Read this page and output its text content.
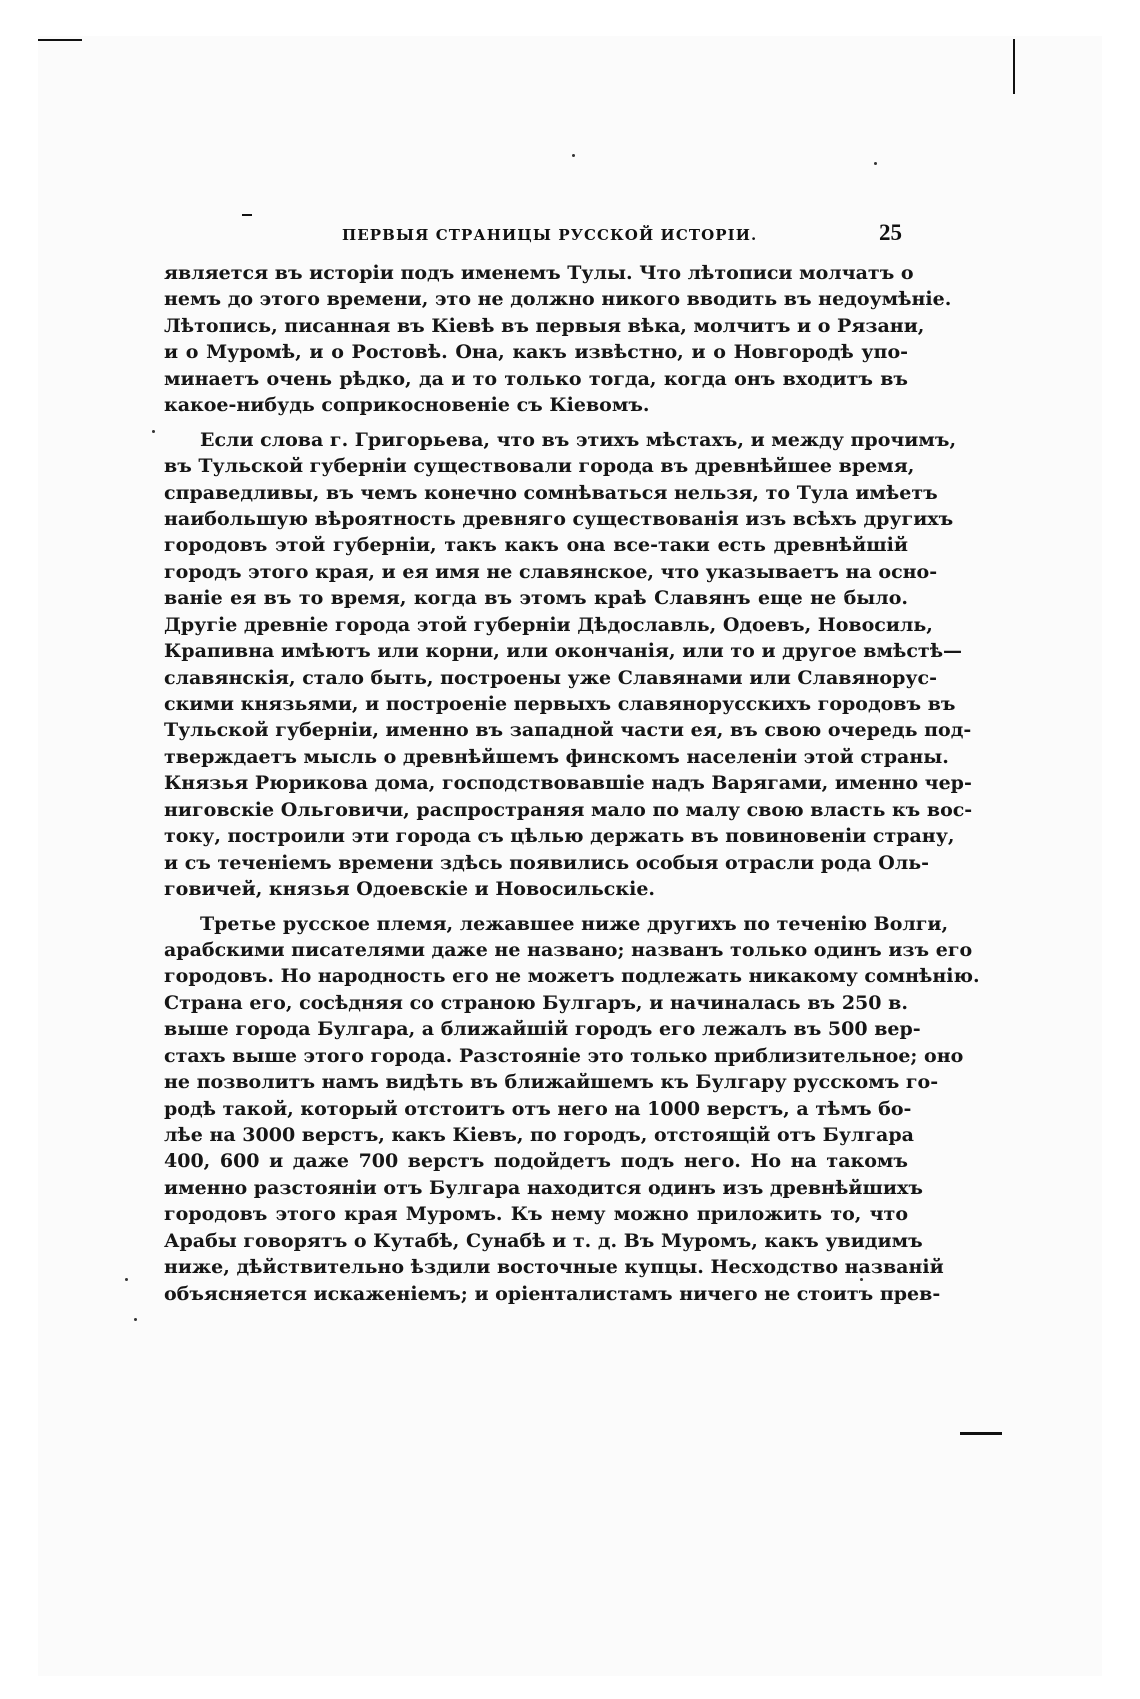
ПЕРВЫЯ СТРАНИЦЫ РУССКОЙ ИСТОРІИ.	25
является въ исторіи подъ именемъ Тулы. Что лѣтописи молчатъ о
немъ до этого времени, это не должно никого вводить въ недоумѣніе.
Лѣтопись, писанная въ Кіевѣ въ первыя вѣка, молчитъ и о Рязани,
и о Муромѣ, и о Ростовѣ. Она, какъ извѣстно, и о Новгородѣ упо-
минаетъ очень рѣдко, да и то только тогда, когда онъ входитъ въ
какое-нибудь соприкосновеніе съ Кіевомъ.
Если слова г. Григорьева, что въ этихъ мѣстахъ, и между прочимъ,
въ Тульской губерніи существовали города въ древнѣйшее время,
справедливы, въ чемъ конечно сомнѣваться нельзя, то Тула имѣетъ
наибольшую вѣроятность древняго существованія изъ всѣхъ другихъ
городовъ этой губерніи, такъ какъ она все-таки есть древнѣйшій
городъ этого края, и ея имя не славянское, что указываетъ на осно-
ваніе ея въ то время, когда въ этомъ краѣ Славянъ еще не было.
Другіе древніе города этой губерніи Дѣдославль, Одоевъ, Новосиль,
Крапивна имѣютъ или корни, или окончанія, или то и другое вмѣстѣ—
славянскія, стало быть, построены уже Славянами или Славянорус-
скими князьями, и построеніе первыхъ славянорусскихъ городовъ въ
Тульской губерніи, именно въ западной части ея, въ свою очередь под-
тверждаетъ мысль о древнѣйшемъ финскомъ населеніи этой страны.
Князья Рюрикова дома, господствовавшіе надъ Варягами, именно чер-
ниговскіе Ольговичи, распространяя мало по малу свою власть къ вос-
току, построили эти города съ цѣлью держать въ повиновеніи страну,
и съ теченіемъ времени здѣсь появились особыя отрасли рода Оль-
говичей, князья Одоевскіе и Новосильскіе.
Третье русское племя, лежавшее ниже другихъ по теченію Волги,
арабскими писателями даже не названо; названъ только одинъ изъ его
городовъ. Но народность его не можетъ подлежать никакому сомнѣнію.
Страна его, сосѣдняя со страною Булгаръ, и начиналась въ 250 в.
выше города Булгара, а ближайшій городъ его лежалъ въ 500 вер-
стахъ выше этого города. Разстояніе это только приблизительное; оно
не позволитъ намъ видѣть въ ближайшемъ къ Булгару русскомъ го-
родѣ такой, который отстоитъ отъ него на 1000 верстъ, а тѣмъ бо-
лѣе на 3000 верстъ, какъ Кіевъ, по городъ, отстоящій отъ Булгара
400, 600 и даже 700 верстъ подойдетъ подъ него. Но на такомъ
именно разстояніи отъ Булгара находится одинъ изъ древнѣйшихъ
городовъ этого края Муромъ. Къ нему можно приложить то, что
Арабы говорятъ о Кутабѣ, Сунабѣ и т. д. Въ Муромъ, какъ увидимъ
ниже, дѣйствительно ѣздили восточные купцы. Несходство названій
объясняется искаженіемъ; и оріенталистамъ ничего не стоитъ прев-
